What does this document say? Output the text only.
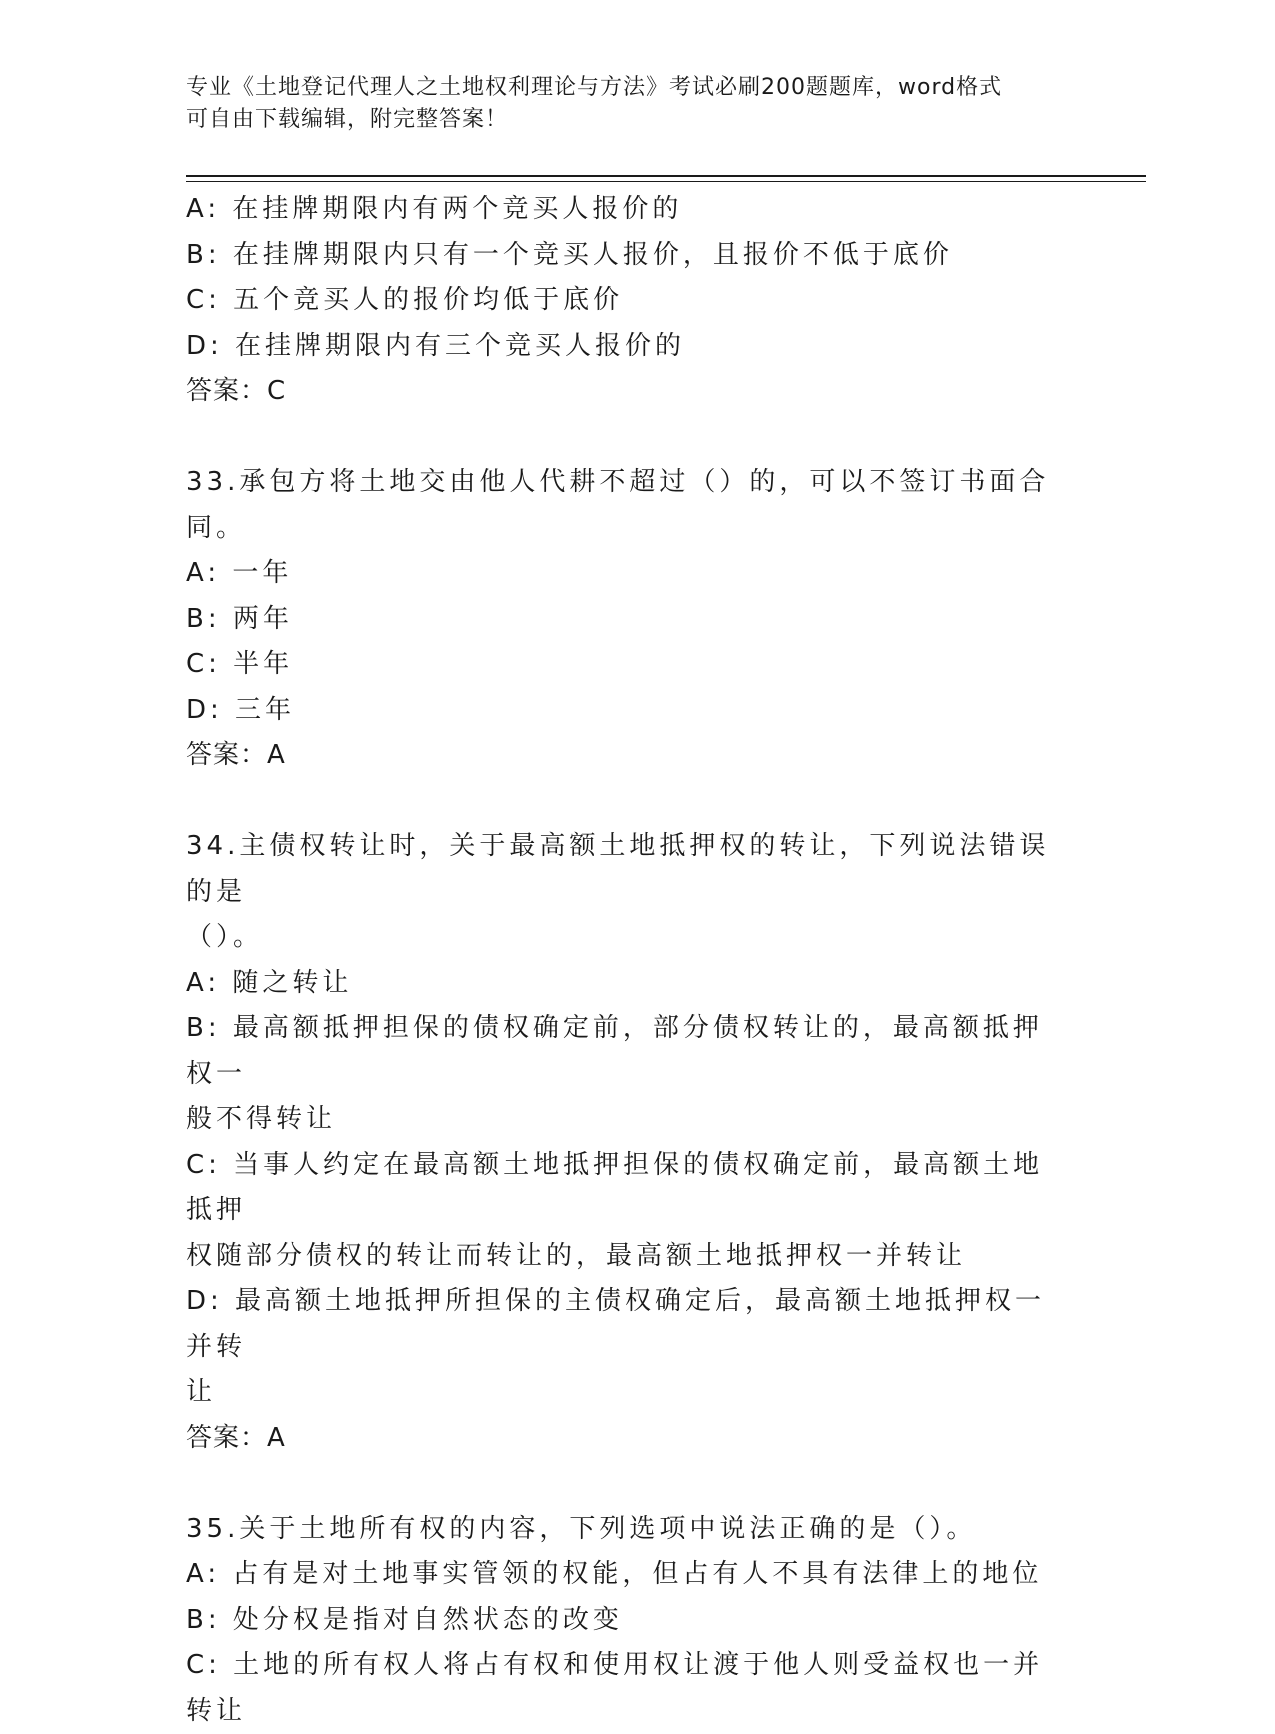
专业《土地登记代理人之土地权利理论与方法》考试必刷200题题库，word格式
可自由下载编辑，附完整答案！
A: 在挂牌期限内有两个竞买人报价的
B: 在挂牌期限内只有一个竞买人报价，且报价不低于底价
C: 五个竞买人的报价均低于底价
D: 在挂牌期限内有三个竞买人报价的
答案：C
33.承包方将土地交由他人代耕不超过（）的，可以不签订书面合同。
A: 一年
B: 两年
C: 半年
D: 三年
答案：A
34.主债权转让时，关于最高额土地抵押权的转让，下列说法错误的是
（）。
A: 随之转让
B: 最高额抵押担保的债权确定前，部分债权转让的，最高额抵押权一
般不得转让
C: 当事人约定在最高额土地抵押担保的债权确定前，最高额土地抵押
权随部分债权的转让而转让的，最高额土地抵押权一并转让
D: 最高额土地抵押所担保的主债权确定后，最高额土地抵押权一并转
让
答案：A
35.关于土地所有权的内容，下列选项中说法正确的是（）。
A: 占有是对土地事实管领的权能，但占有人不具有法律上的地位
B: 处分权是指对自然状态的改变
C: 土地的所有权人将占有权和使用权让渡于他人则受益权也一并转让
